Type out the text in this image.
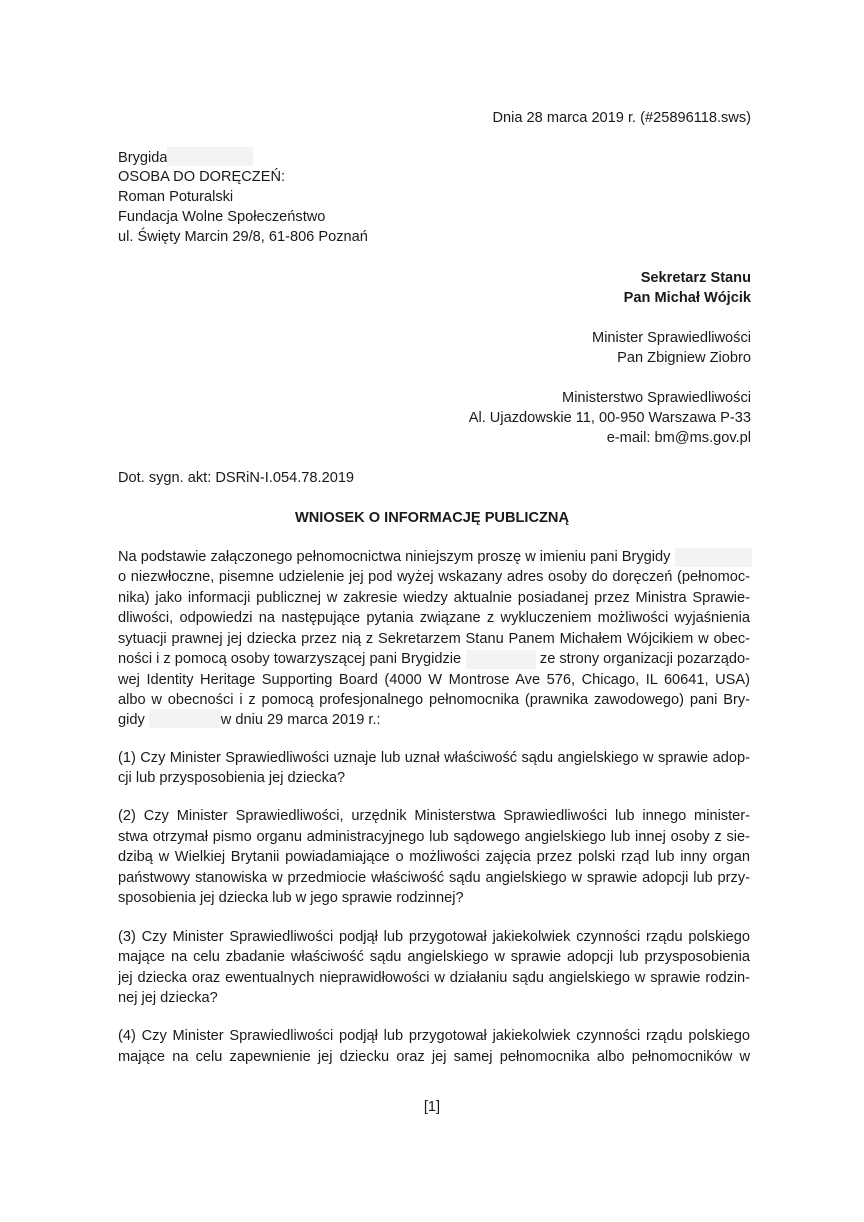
Dnia 28 marca 2019 r. (#25896118.sws)
Brygida
OSOBA DO DORĘCZEŃ:
Roman Poturalski
Fundacja Wolne Społeczeństwo
ul. Święty Marcin 29/8, 61-806 Poznań
Sekretarz Stanu
Pan Michał Wójcik
Minister Sprawiedliwości
Pan Zbigniew Ziobro
Ministerstwo Sprawiedliwości
Al. Ujazdowskie 11, 00-950 Warszawa P-33
e-mail: bm@ms.gov.pl
Dot. sygn. akt: DSRiN-I.054.78.2019
WNIOSEK O INFORMACJĘ PUBLICZNĄ
Na podstawie załączonego pełnomocnictwa niniejszym proszę w imieniu pani Brygidy
o niezwłoczne, pisemne udzielenie jej pod wyżej wskazany adres osoby do doręczeń (pełnomoc-
nika) jako informacji publicznej w zakresie wiedzy aktualnie posiadanej przez Ministra Sprawie-
dliwości, odpowiedzi na następujące pytania związane z wykluczeniem możliwości wyjaśnienia
sytuacji prawnej jej dziecka przez nią z Sekretarzem Stanu Panem Michałem Wójcikiem w obec-
ności i z pomocą osoby towarzyszącej pani Brygidzie	ze strony organizacji pozarządo-
wej Identity Heritage Supporting Board (4000 W Montrose Ave 576, Chicago, IL 60641, USA)
albo w obecności i z pomocą profesjonalnego pełnomocnika (prawnika zawodowego) pani Bry-
gidy	w dniu 29 marca 2019 r.:
(1) Czy Minister Sprawiedliwości uznaje lub uznał właściwość sądu angielskiego w sprawie adop-
cji lub przysposobienia jej dziecka?
(2) Czy Minister Sprawiedliwości, urzędnik Ministerstwa Sprawiedliwości lub innego minister-
stwa otrzymał pismo organu administracyjnego lub sądowego angielskiego lub innej osoby z sie-
dzibą w Wielkiej Brytanii powiadamiające o możliwości zajęcia przez polski rząd lub inny organ
państwowy stanowiska w przedmiocie właściwość sądu angielskiego w sprawie adopcji lub przy-
sposobienia jej dziecka lub w jego sprawie rodzinnej?
(3) Czy Minister Sprawiedliwości podjął lub przygotował jakiekolwiek czynności rządu polskiego
mające na celu zbadanie właściwość sądu angielskiego w sprawie adopcji lub przysposobienia
jej dziecka oraz ewentualnych nieprawidłowości w działaniu sądu angielskiego w sprawie rodzin-
nej jej dziecka?
(4) Czy Minister Sprawiedliwości podjął lub przygotował jakiekolwiek czynności rządu polskiego
mające na celu zapewnienie jej dziecku oraz jej samej pełnomocnika albo pełnomocników w
[1]
